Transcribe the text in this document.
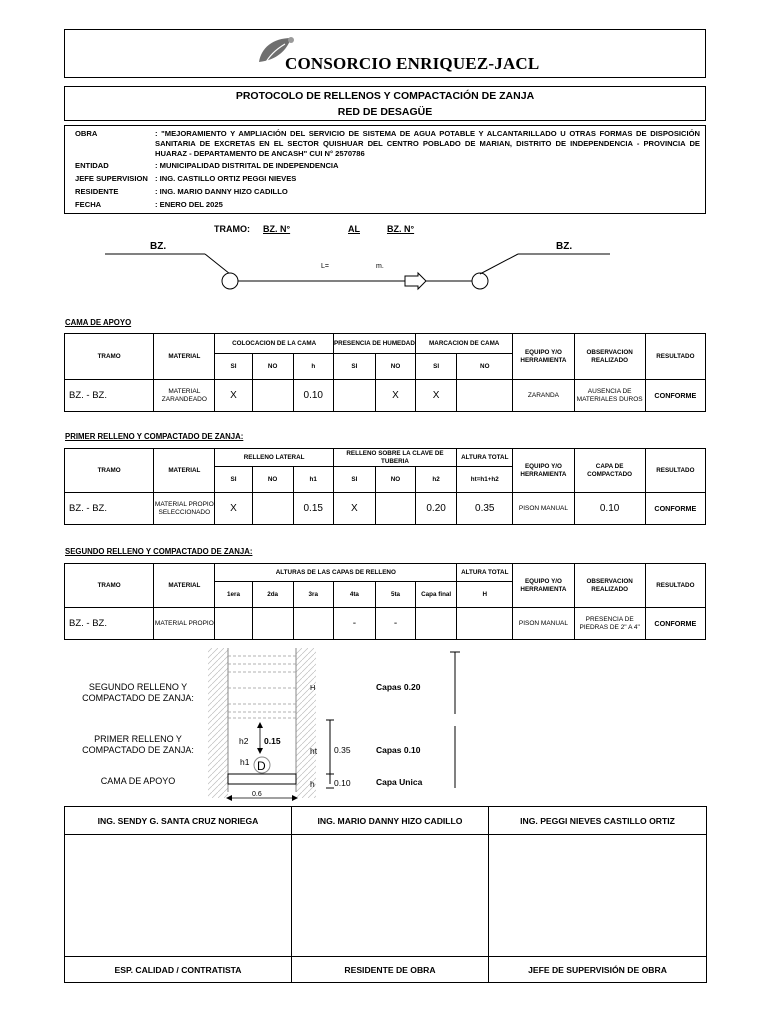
CONSORCIO ENRIQUEZ-JACL
PROTOCOLO DE RELLENOS Y COMPACTACIÓN DE ZANJA
RED DE DESAGÜE
OBRA	: "MEJORAMIENTO Y AMPLIACIÓN DEL SERVICIO DE SISTEMA DE AGUA POTABLE Y ALCANTARILLADO U OTRAS FORMAS DE DISPOSICIÓN SANITARIA DE EXCRETAS EN EL SECTOR QUISHUAR DEL CENTRO POBLADO DE MARIAN, DISTRITO DE INDEPENDENCIA - PROVINCIA DE HUARAZ - DEPARTAMENTO DE ANCASH" CUI N° 2570786
ENTIDAD	: MUNICIPALIDAD DISTRITAL DE INDEPENDENCIA
JEFE SUPERVISION	: ING. CASTILLO ORTIZ PEGGI NIEVES
RESIDENTE	: ING. MARIO DANNY HIZO CADILLO
FECHA	: ENERO DEL 2025
TRAMO: BZ. N°	AL	BZ. N°
BZ.	BZ.
L=	m.
CAMA DE APOYO
TRAMO	MATERIAL	COLOCACION DE LA CAMA			PRESENCIA DE HUMEDAD		MARCACION DE CAMA		EQUIPO Y/O HERRAMIENTA	OBSERVACION REALIZADO	RESULTADO
		SI	NO	h	SI	NO	SI	NO			
BZ. - BZ.	MATERIAL ZARANDEADO	X		0.10		X	X		ZARANDA	AUSENCIA DE MATERIALES DUROS	CONFORME
PRIMER RELLENO Y COMPACTADO DE ZANJA:
TRAMO	MATERIAL	RELLENO LATERAL			RELLENO SOBRE LA CLAVE DE TUBERIA			ALTURA TOTAL	EQUIPO Y/O HERRAMIENTA	CAPA DE COMPACTADO	RESULTADO
		SI	NO	h1	SI	NO	h2	ht=h1+h2			
BZ. - BZ.	MATERIAL PROPIO SELECCIONADO	X		0.15	X		0.20	0.35	PISON MANUAL	0.10	CONFORME
SEGUNDO RELLENO Y COMPACTADO DE ZANJA:
TRAMO	MATERIAL	ALTURAS DE LAS CAPAS DE RELLENO						ALTURA TOTAL	EQUIPO Y/O HERRAMIENTA	OBSERVACION REALIZADO	RESULTADO
		1era	2da	3ra	4ta	5ta	Capa final	H			
BZ. - BZ.	MATERIAL PROPIO				-	-			PISON MANUAL	PRESENCIA DE PIEDRAS DE 2" A 4"	CONFORME
SEGUNDO RELLENO Y COMPACTADO DE ZANJA:
PRIMER RELLENO Y COMPACTADO DE ZANJA:
CAMA DE APOYO
H
h2 0.15
h1 D
ht 0.35
h 0.10
0.6
Capas 0.20
Capas 0.10
Capa Unica
ING. SENDY G. SANTA CRUZ NORIEGA	ING. MARIO DANNY HIZO CADILLO	ING. PEGGI NIEVES CASTILLO ORTIZ

ESP. CALIDAD / CONTRATISTA	RESIDENTE DE OBRA	JEFE DE SUPERVISIÓN DE OBRA
